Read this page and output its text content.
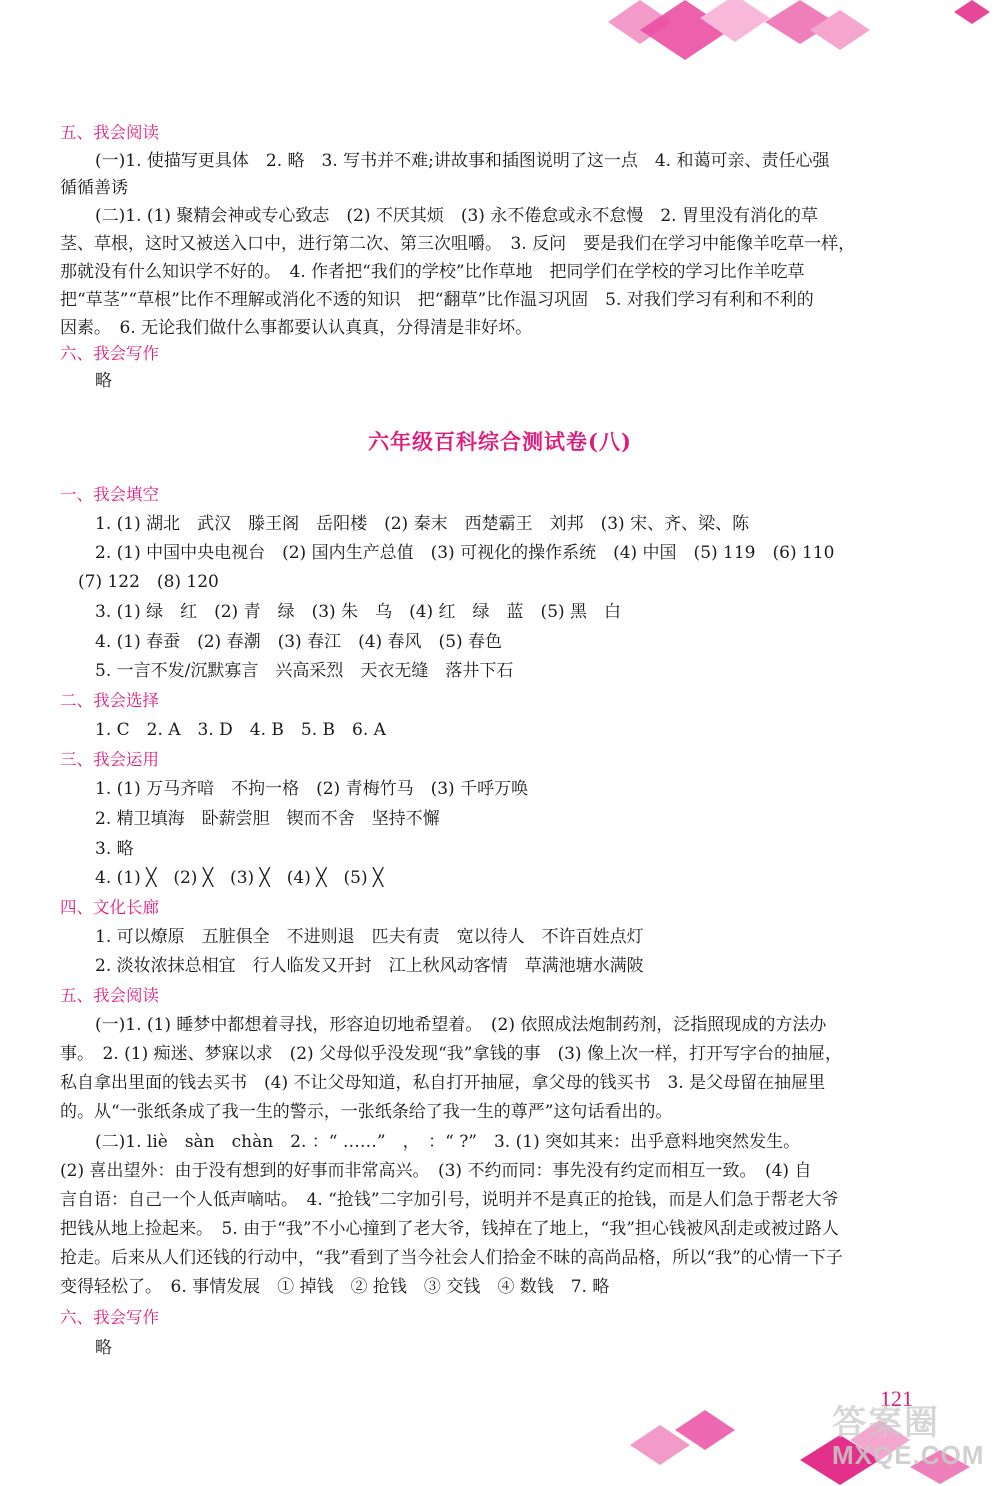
五、我会阅读
(一)1. 使描写更具体　2. 略　3. 写书并不难;讲故事和插图说明了这一点　4. 和蔼可亲、责任心强
循循善诱
(二)1. (1) 聚精会神或专心致志　(2) 不厌其烦　(3) 永不倦怠或永不怠慢　2. 胃里没有消化的草
茎、草根，这时又被送入口中，进行第二次、第三次咀嚼。　3. 反问　要是我们在学习中能像羊吃草一样，
那就没有什么知识学不好的。　4. 作者把“我们的学校”比作草地　把同学们在学校的学习比作羊吃草
把“草茎”“草根”比作不理解或消化不透的知识　把“翻草”比作温习巩固　5. 对我们学习有利和不利的
因素。　6. 无论我们做什么事都要认认真真，分得清是非好坏。
六、我会写作
略
六年级百科综合测试卷(八)
一、我会填空
1. (1) 湖北　武汉　滕王阁　岳阳楼　(2) 秦末　西楚霸王　刘邦　(3) 宋、齐、梁、陈
2. (1) 中国中央电视台　(2) 国内生产总值　(3) 可视化的操作系统　(4) 中国　(5) 119　(6) 110
(7) 122　(8) 120
3. (1) 绿　红　(2) 青　绿　(3) 朱　乌　(4) 红　绿　蓝　(5) 黑　白
4. (1) 春蚕　(2) 春潮　(3) 春江　(4) 春风　(5) 春色
5. 一言不发/沉默寡言　兴高采烈　天衣无缝　落井下石
二、我会选择
1. C　2. A　3. D　4. B　5. B　6. A
三、我会运用
1. (1) 万马齐喑　不拘一格　(2) 青梅竹马　(3) 千呼万唤
2. 精卫填海　卧薪尝胆　锲而不舍　坚持不懈
3. 略
4. (1) ╳　(2) ╳　(3) ╳　(4) ╳　(5) ╳
四、文化长廊
1. 可以燎原　五脏俱全　不进则退　匹夫有责　宽以待人　不许百姓点灯
2. 淡妆浓抹总相宜　行人临发又开封　江上秋风动客情　草满池塘水满陂
五、我会阅读
(一)1. (1) 睡梦中都想着寻找，形容迫切地希望着。　(2) 依照成法炮制药剂，泛指照现成的方法办
事。　2. (1) 痴迷、梦寐以求　(2) 父母似乎没发现“我”拿钱的事　(3) 像上次一样，打开写字台的抽屉，
私自拿出里面的钱去买书　(4) 不让父母知道，私自打开抽屉，拿父母的钱买书　3. 是父母留在抽屉里
的。从“一张纸条成了我一生的警示，一张纸条给了我一生的尊严”这句话看出的。
(二)1. liè　sàn　chàn　2. ：“ ……”　，　：“ ?”　3. (1) 突如其来：出乎意料地突然发生。
(2) 喜出望外：由于没有想到的好事而非常高兴。　(3) 不约而同：事先没有约定而相互一致。　(4) 自
言自语：自己一个人低声嘀咕。　4. “抢钱”二字加引号，说明并不是真正的抢钱，而是人们急于帮老大爷
把钱从地上捡起来。　5. 由于“我”不小心撞到了老大爷，钱掉在了地上，“我”担心钱被风刮走或被过路人
抢走。后来从人们还钱的行动中，“我”看到了当今社会人们拾金不昧的高尚品格，所以“我”的心情一下子
变得轻松了。　6. 事情发展　① 掉钱　② 抢钱　③ 交钱　④ 数钱　7. 略
六、我会写作
略
121
答案圈
MXQE.COM
